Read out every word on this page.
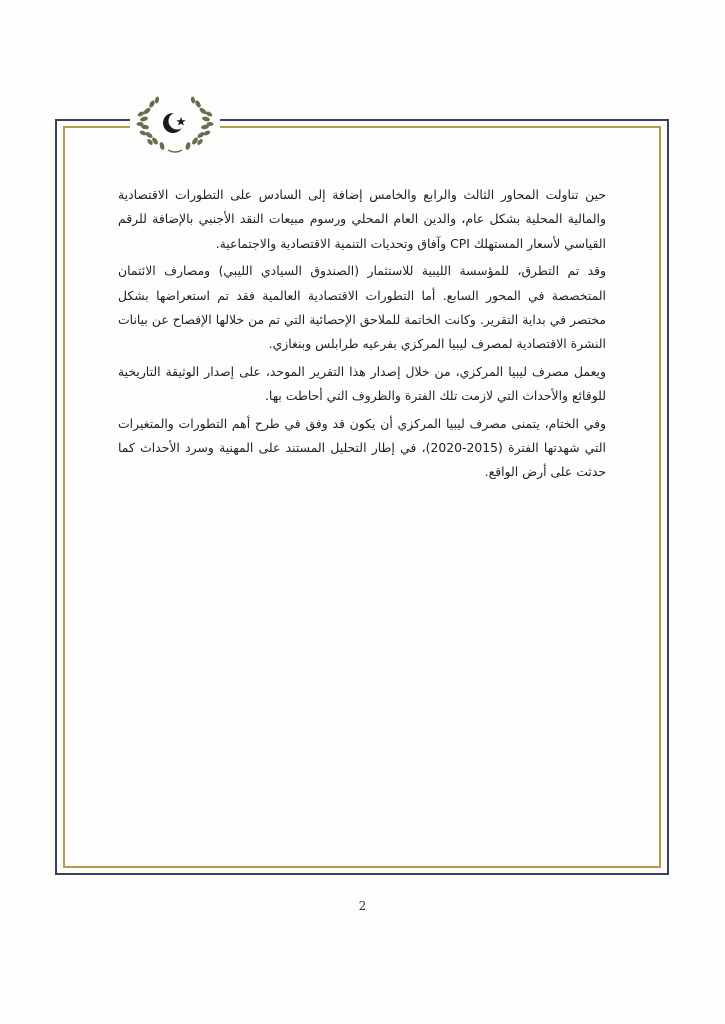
حين تناولت المحاور الثالث والرابع والخامس إضافة إلى السادس على التطورات الاقتصادية والمالية المحلية بشكل عام، والدين العام المحلي ورسوم مبيعات النقد الأجنبي بالإضافة للرقم القياسي لأسعار المستهلك CPI وآفاق وتحديات التنمية الاقتصادية والاجتماعية.

وقد تم التطرق، للمؤسسة الليبية للاستثمار (الصندوق السيادي الليبي) ومصارف الائتمان المتخصصة في المحور السابع. أما التطورات الاقتصادية العالمية فقد تم استعراضها بشكل مختصر في بداية التقرير. وكانت الخاتمة للملاحق الإحصائية التي تم من خلالها الإفصاح عن بيانات النشرة الاقتصادية لمصرف ليبيا المركزي بفرعيه طرابلس وبنغازي.

ويعمل مصرف ليبيا المركزي، من خلال إصدار هذا التقرير الموحد، على إصدار الوثيقة التاريخية للوقائع والأحداث التي لازمت تلك الفترة والظروف التي أحاطت بها.

وفي الختام، يتمنى مصرف ليبيا المركزي أن يكون قد وفق في طرح أهم التطورات والمتغيرات التي شهدتها الفترة (2015-2020)، في إطار التحليل المستند على المهنية وسرد الأحداث كما حدثت على أرض الواقع.

2
